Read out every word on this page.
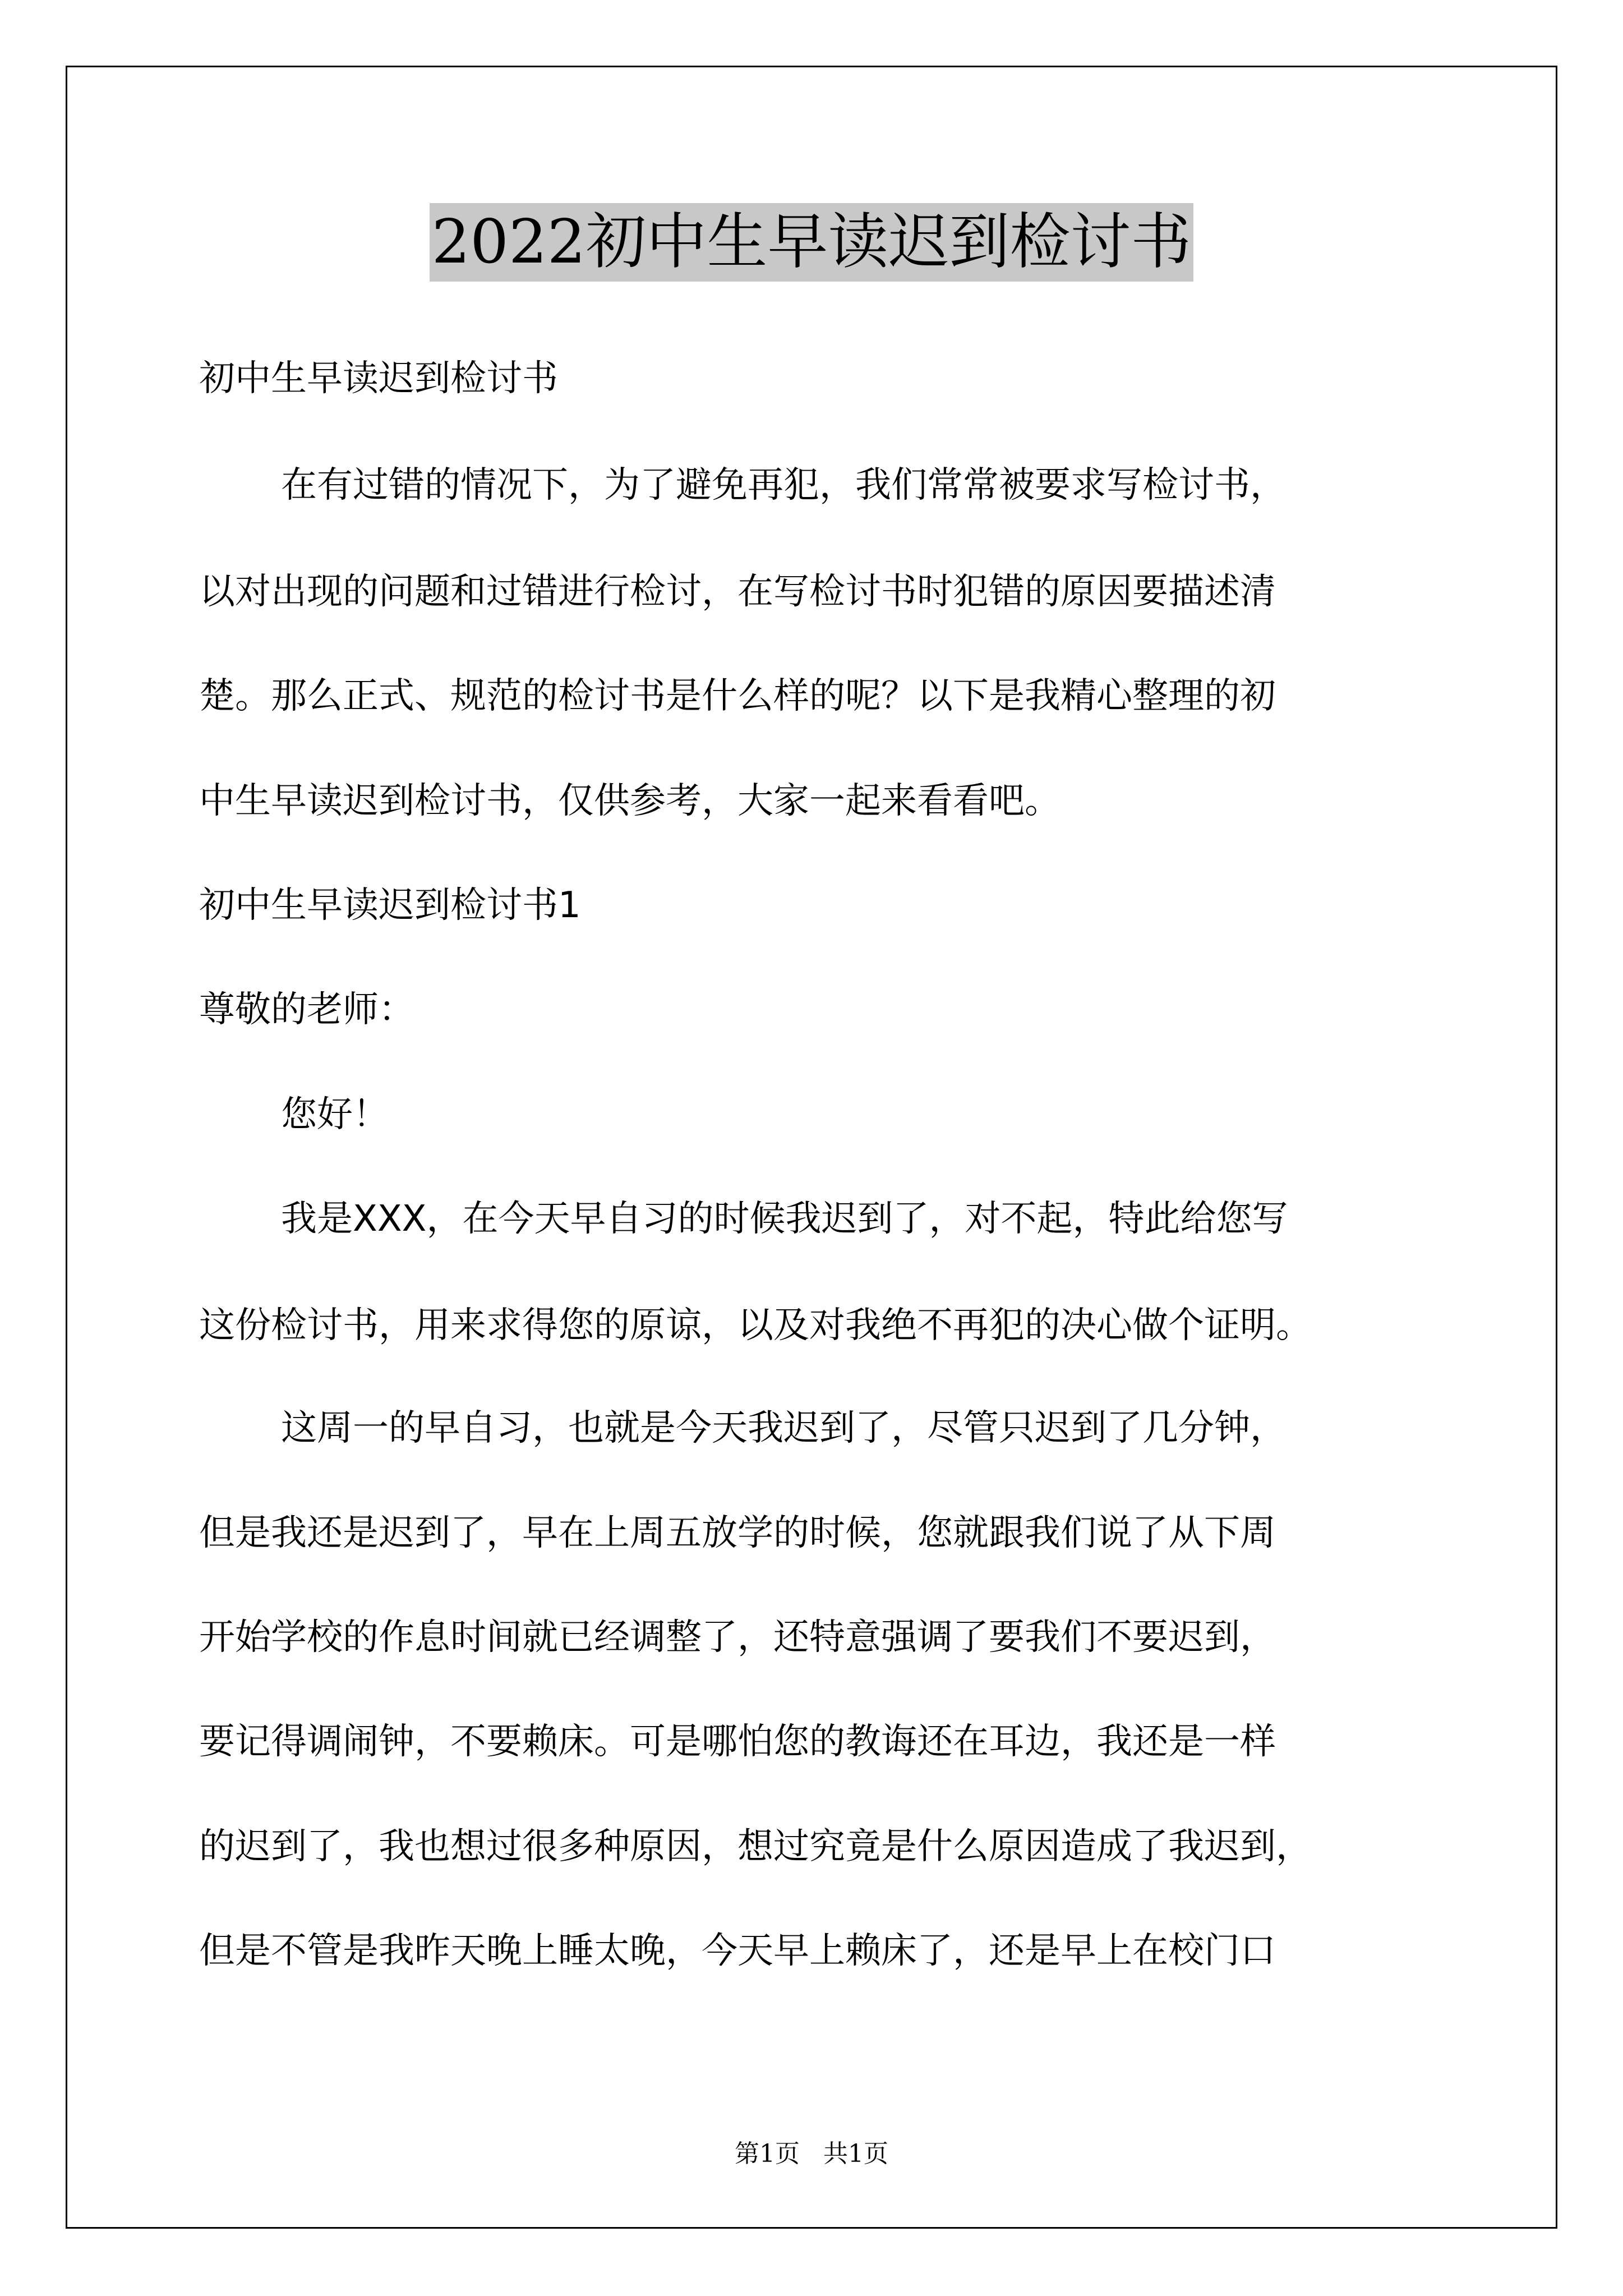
2022初中生早读迟到检讨书
初中生早读迟到检讨书
在有过错的情况下，为了避免再犯，我们常常被要求写检讨书，
以对出现的问题和过错进行检讨，在写检讨书时犯错的原因要描述清
楚。那么正式、规范的检讨书是什么样的呢？以下是我精心整理的初
中生早读迟到检讨书，仅供参考，大家一起来看看吧。
初中生早读迟到检讨书1
尊敬的老师：
您好！
我是XXX，在今天早自习的时候我迟到了，对不起，特此给您写
这份检讨书，用来求得您的原谅，以及对我绝不再犯的决心做个证明。
这周一的早自习，也就是今天我迟到了，尽管只迟到了几分钟，
但是我还是迟到了，早在上周五放学的时候，您就跟我们说了从下周
开始学校的作息时间就已经调整了，还特意强调了要我们不要迟到，
要记得调闹钟，不要赖床。可是哪怕您的教诲还在耳边，我还是一样
的迟到了，我也想过很多种原因，想过究竟是什么原因造成了我迟到，
但是不管是我昨天晚上睡太晚，今天早上赖床了，还是早上在校门口
第1页   共1页
